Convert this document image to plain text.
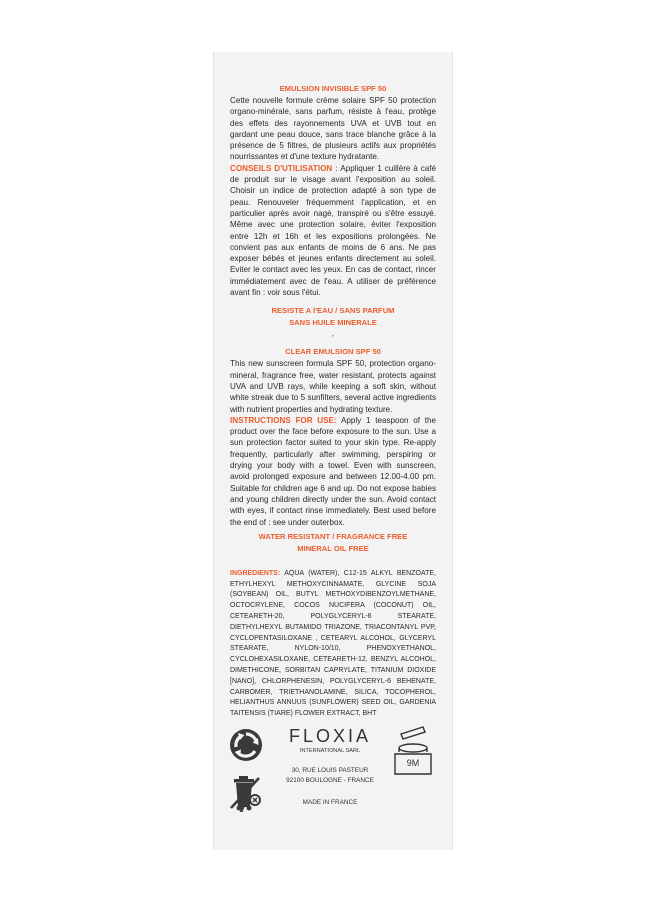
EMULSION INVISIBLE SPF 50

Cette nouvelle formule crème solaire SPF 50 protection organo-minérale, sans parfum, résiste à l'eau, protège des effets des rayonnements UVA et UVB tout en gardant une peau douce, sans trace blanche grâce à la présence de 5 filtres, de plusieurs actifs aux propriétés nourrissantes et d'une texture hydratante.

CONSEILS D'UTILISATION : Appliquer 1 cuillère à café de produit sur le visage avant l'exposition au soleil. Choisir un indice de protection adapté à son type de peau. Renouveler fréquemment l'application, et en particulier après avoir nagé, transpiré ou s'être essuyé. Même avec une protection solaire, éviter l'exposition entre 12h et 16h et les expositions prolongées. Ne convient pas aux enfants de moins de 6 ans. Ne pas exposer bébés et jeunes enfants directement au soleil. Eviter le contact avec les yeux. En cas de contact, rincer immédiatement avec de l'eau. A utiliser de préférence avant fin : voir sous l'étui.

RESISTE A l'EAU / SANS PARFUM
SANS HUILE MINERALE
·
CLEAR EMULSION SPF 50

This new sunscreen formula SPF 50, protection organo-mineral, fragrance free, water resistant, protects against UVA and UVB rays, while keeping a soft skin, without white streak due to 5 sunfilters, several active ingredients with nutrient properties and hydrating texture.

INSTRUCTIONS FOR USE: Apply 1 teaspoon of the product over the face before exposure to the sun. Use a sun protection factor suited to your skin type. Re-apply frequently, particularly after swimming, perspiring or drying your body with a towel. Even with sunscreen, avoid prolonged exposure and between 12.00-4.00 pm. Suitable for children age 6 and up. Do not expose babies and young children directly under the sun. Avoid contact with eyes, if contact rinse immediately. Best used before the end of : see under outerbox.

WATER RESISTANT / FRAGRANCE FREE
MINERAL OIL FREE

INGREDIENTS: AQUA (WATER), C12-15 ALKYL BENZOATE, ETHYLHEXYL METHOXYCINNAMATE, GLYCINE SOJA (SOYBEAN) OIL, BUTYL METHOXYDIBENZOYLMETHANE, OCTOCRYLENE, COCOS NUCIFERA (COCONUT) OIL, CETEARETH-20, POLYGLYCERYL-6 STEARATE, DIETHYLHEXYL BUTAMIDO TRIAZONE, TRIACONTANYL PVP, CYCLOPENTASILOXANE , CETEARYL ALCOHOL, GLYCERYL STEARATE, NYLON-10/10, PHENOXYETHANOL, CYCLOHEXASILOXANE, CETEARETH-12, BENZYL ALCOHOL, DIMETHICONE, SORBITAN CAPRYLATE, TITANIUM DIOXIDE [NANO], CHLORPHENESIN, POLYGLYCERYL-6 BEHENATE, CARBOMER, TRIETHANOLAMINE, SILICA, TOCOPHEROL, HELIANTHUS ANNUUS (SUNFLOWER) SEED OIL, GARDENIA TAITENSIS (TIARE) FLOWER EXTRACT, BHT

FLOXIA
INTERNATIONAL SARL
30, RUE LOUIS PASTEUR
92100 BOULOGNE - FRANCE
MADE IN FRANCE
9M
